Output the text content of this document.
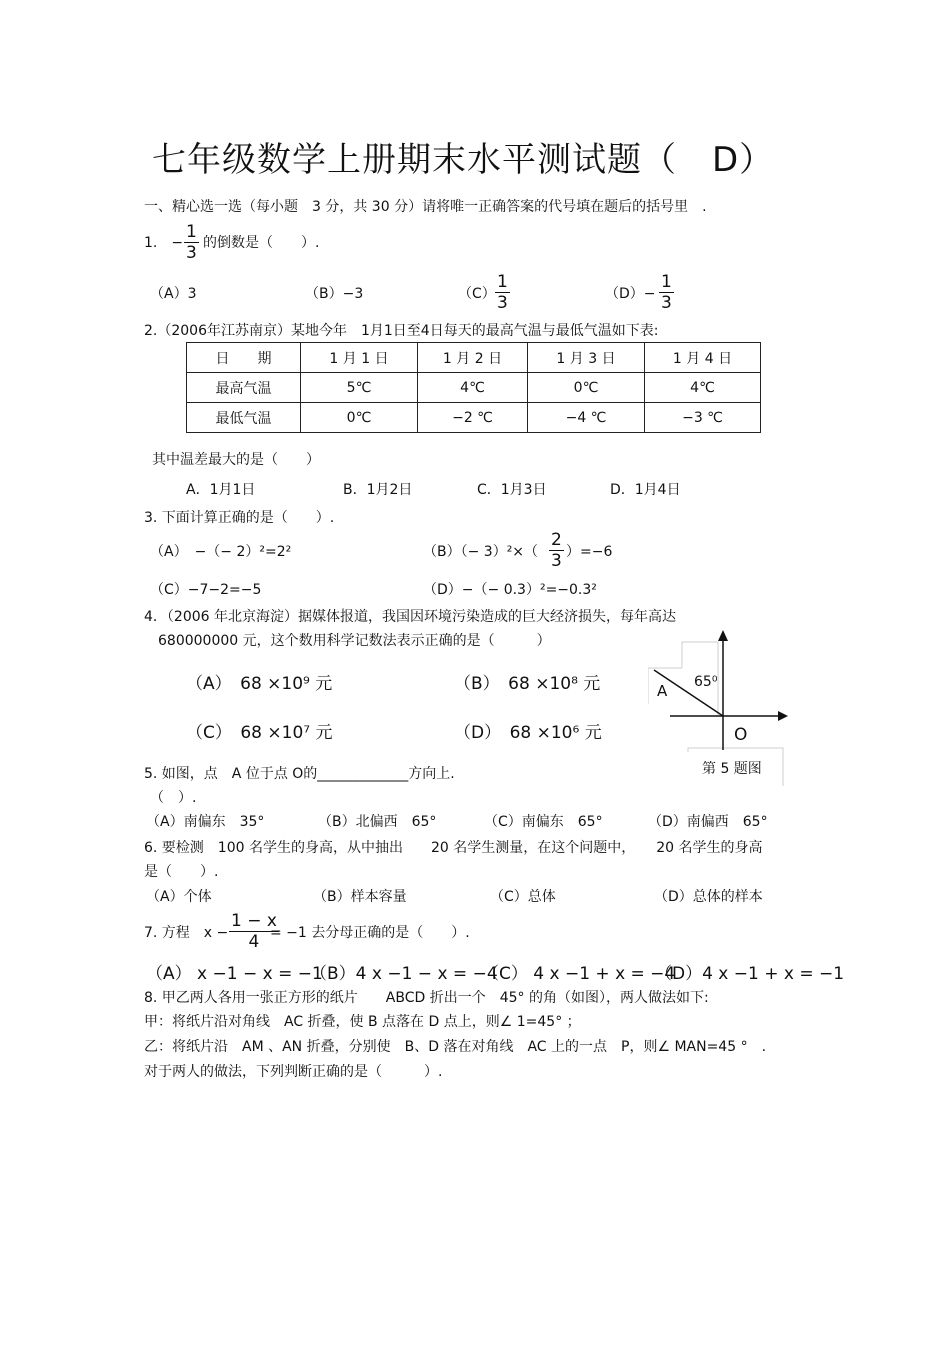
七年级数学上册期末水平测试题（　D）
一、精心选一选（每小题　3 分，共 30 分）请将唯一正确答案的代号填在题后的括号里　.
1.　− $\frac{1}{3}$ 的倒数是（　　）.
（A）3	（B）−3	$(C) \frac{1}{3}$	$(D)- \frac{1}{3}$
2.（2006年江苏南京）某地今年　1月1日至4日每天的最高气温与最低气温如下表:
日　　期	1 月 1 日	1 月 2 日	1 月 3 日	1 月 4 日
最高气温	5℃	4℃	0℃	4℃
最低气温	0℃	−2 ℃	−4 ℃	−3 ℃
其中温差最大的是（　　）
A．1月1日	B．1月2日	C．1月3日	D．1月4日
3. 下面计算正确的是（　　）.
（A）　−（− 2）²=2²	$(B)(- 3)^2\times( \frac{2}{3} )=-6$
（C）−7−2=−5	（D）−（− 0.3）²=−0.3²
4．（2006 年北京海淀）据媒体报道，我国因环境污染造成的巨大经济损失，每年高达
680000000 元，这个数用科学记数法表示正确的是（　　　）
（A）　68 ×10⁹ 元	（B）　68 ×10⁸ 元
（C）　68 ×10⁷ 元	（D）　68 ×10⁶ 元
A 65⁰
O
第 5 题图
5. 如图，点　A 位于点 O的_____________方向上.
（　）.
（A）南偏东　35°	（B）北偏西　65°	（C）南偏东　65°	（D）南偏西　65°
6. 要检测　100 名学生的身高，从中抽出　　20 名学生测量，在这个问题中，　　20 名学生的身高
是（　　）.
（A）个体	（B）样本容量	（C）总体	（D）总体的样本
7. 方程　$x - \frac{1 - x}{4}$
= −1 去分母正确的是（　　）.
（A） x −1 − x = −1
（B）4 x −1 − x = −4
（C） 4 x −1 + x = −4
（D）4 x −1 + x = −1
8. 甲乙两人各用一张正方形的纸片　　ABCD 折出一个　45° 的角（如图），两人做法如下:
甲：将纸片沿对角线　AC 折叠，使 B 点落在 D 点上，则∠ 1=45° ；
乙：将纸片沿　AM 、AN 折叠，分别使　B、D 落在对角线　AC 上的一点　P，则∠ MAN=45 °　.
对于两人的做法，下列判断正确的是（　　　）.
